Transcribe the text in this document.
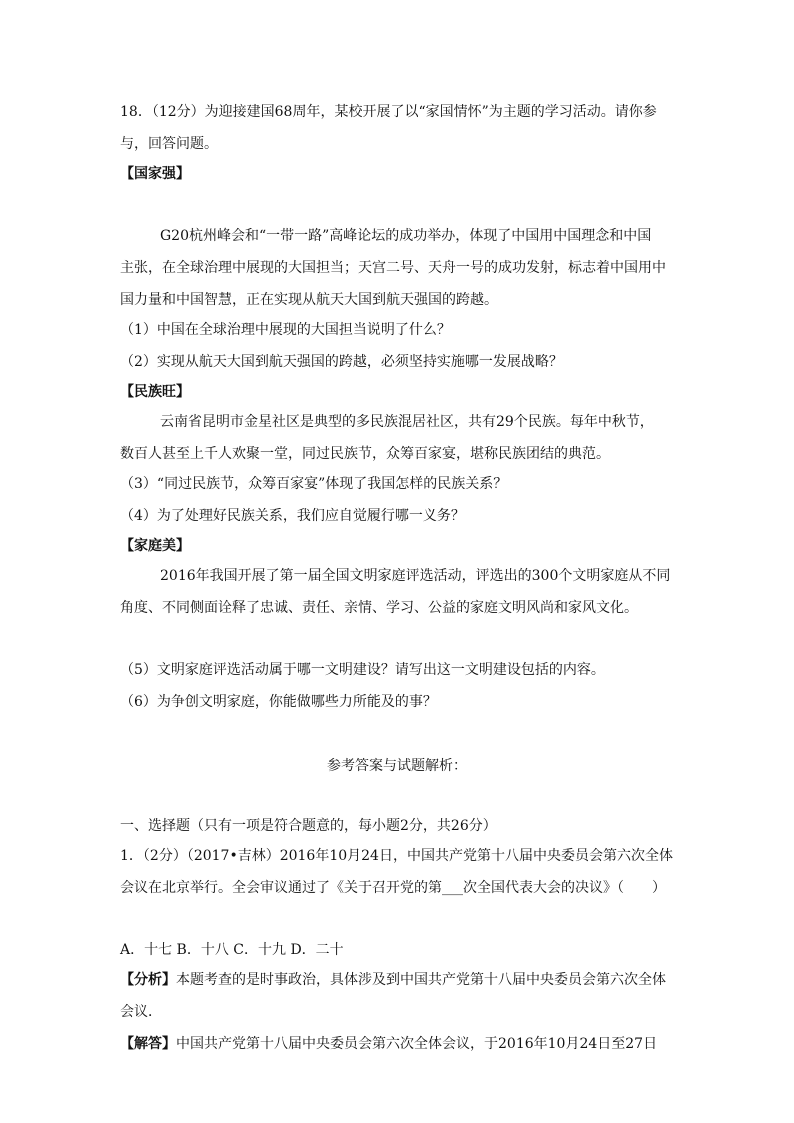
18．（12分）为迎接建国68周年，某校开展了以“家国情怀”为主题的学习活动。请你参
与，回答问题。
【国家强】
G20杭州峰会和“一带一路”高峰论坛的成功举办，体现了中国用中国理念和中国
主张，在全球治理中展现的大国担当；天宫二号、天舟一号的成功发射，标志着中国用中
国力量和中国智慧，正在实现从航天大国到航天强国的跨越。
（1）中国在全球治理中展现的大国担当说明了什么？
（2）实现从航天大国到航天强国的跨越，必须坚持实施哪一发展战略？
【民族旺】
云南省昆明市金星社区是典型的多民族混居社区，共有29个民族。每年中秋节，
数百人甚至上千人欢聚一堂，同过民族节，众筹百家宴，堪称民族团结的典范。
（3）“同过民族节，众筹百家宴”体现了我国怎样的民族关系？
（4）为了处理好民族关系，我们应自觉履行哪一义务？
【家庭美】
2016年我国开展了第一届全国文明家庭评选活动，评选出的300个文明家庭从不同
角度、不同侧面诠释了忠诚、责任、亲情、学习、公益的家庭文明风尚和家风文化。
（5）文明家庭评选活动属于哪一文明建设？请写出这一文明建设包括的内容。
（6）为争创文明家庭，你能做哪些力所能及的事？
参考答案与试题解析：
一、选择题（只有一项是符合题意的，每小题2分，共26分）
1．（2分）（2017•吉林）2016年10月24日，中国共产党第十八届中央委员会第六次全体
会议在北京举行。全会审议通过了《关于召开党的第___次全国代表大会的决议》（　　）
A．十七 B．十八 C．十九 D．二十
【分析】本题考查的是时事政治，具体涉及到中国共产党第十八届中央委员会第六次全体
会议．
【解答】中国共产党第十八届中央委员会第六次全体会议，于2016年10月24日至27日
